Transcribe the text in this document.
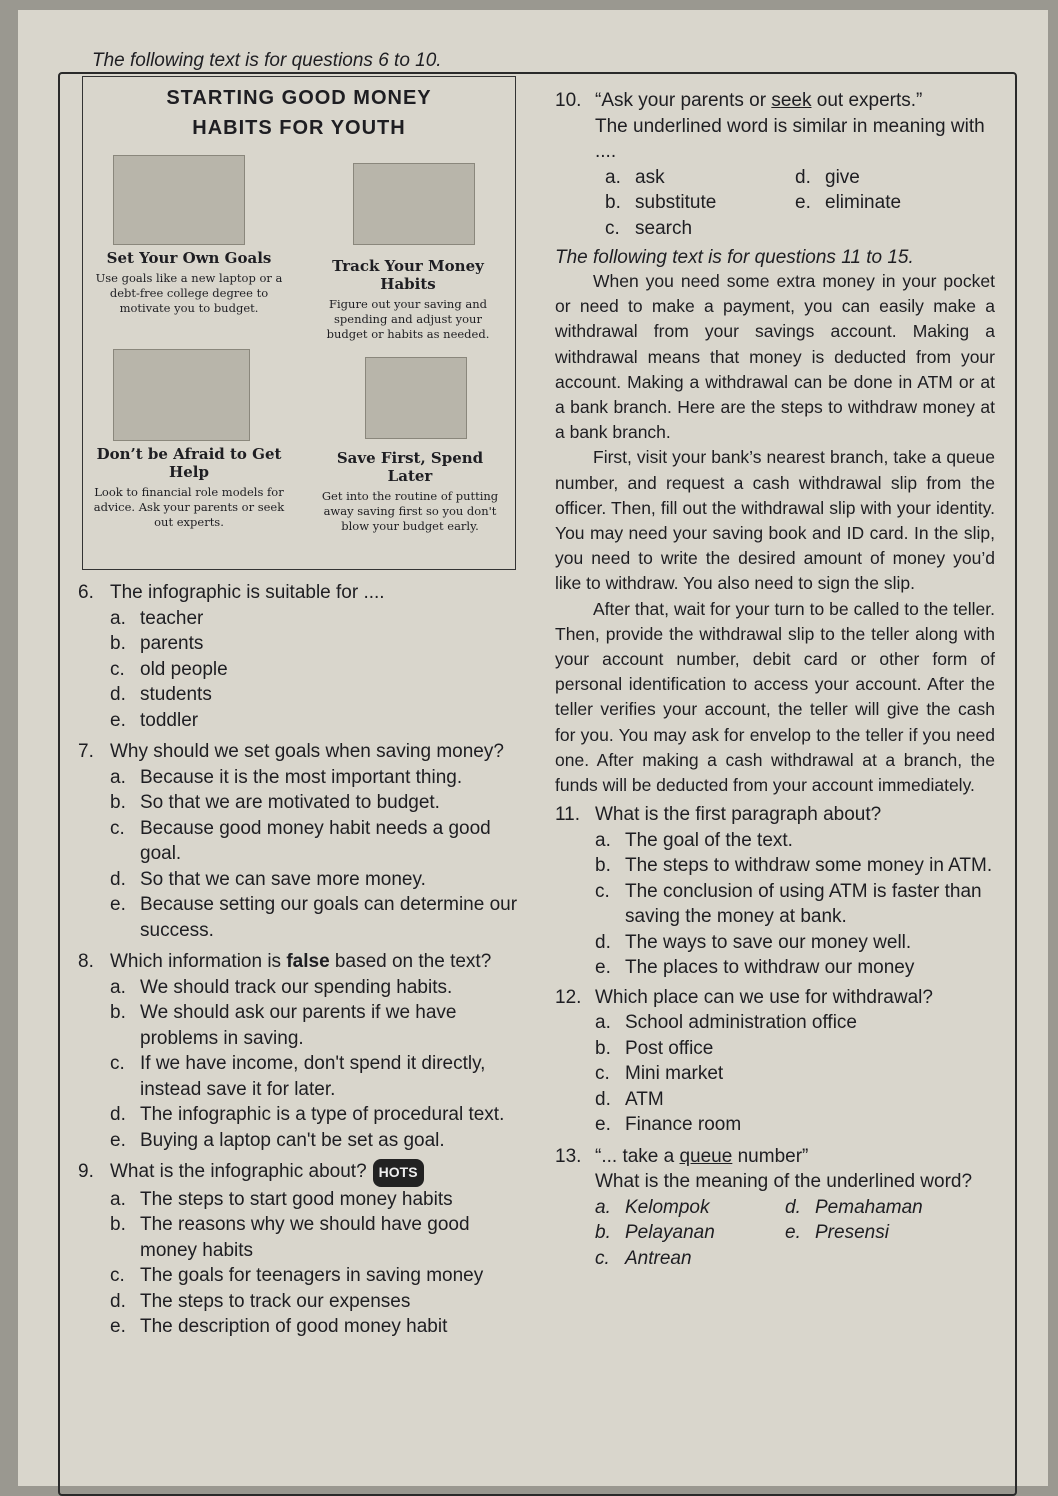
The following text is for questions 6 to 10.

STARTING GOOD MONEY
HABITS FOR YOUTH
Set Your Own Goals
Use goals like a new laptop or a debt-free college degree to motivate you to budget.
Track Your Money Habits
Figure out your saving and spending and adjust your budget or habits as needed.
Don’t be Afraid to Get Help
Look to financial role models for advice. Ask your parents or seek out experts.
Save First, Spend Later
Get into the routine of putting away saving first so you don't blow your budget early.

6. The infographic is suitable for ....

a. teacher
b. parents
c. old people
d. students
e. toddler

7. Why should we set goals when saving money?

a. Because it is the most important thing.
b. So that we are motivated to budget.
c. Because good money habit needs a good goal.
d. So that we can save more money.
e. Because setting our goals can determine our success.

8. Which information is false based on the text?

a. We should track our spending habits.
b. We should ask our parents if we have problems in saving.
c. If we have income, don't spend it directly, instead save it for later.
d. The infographic is a type of procedural text.
e. Buying a laptop can't be set as goal.

9. What is the infographic about? HOTS

a. The steps to start good money habits
b. The reasons why we should have good money habits
c. The goals for teenagers in saving money
d. The steps to track our expenses
e. The description of good money habit

10. “Ask your parents or seek out experts.”

The underlined word is similar in meaning with ....

a. ask	d. give
b. substitute	e. eliminate
c. search

The following text is for questions 11 to 15.

When you need some extra money in your pocket or need to make a payment, you can easily make a withdrawal from your savings account. Making a withdrawal means that money is deducted from your account. Making a withdrawal can be done in ATM or at a bank branch. Here are the steps to withdraw money at a bank branch.

First, visit your bank’s nearest branch, take a queue number, and request a cash withdrawal slip from the officer. Then, fill out the withdrawal slip with your identity. You may need your saving book and ID card. In the slip, you need to write the desired amount of money you’d like to withdraw. You also need to sign the slip.

After that, wait for your turn to be called to the teller. Then, provide the withdrawal slip to the teller along with your account number, debit card or other form of personal identification to access your account. After the teller verifies your account, the teller will give the cash for you. You may ask for envelop to the teller if you need one. After making a cash withdrawal at a branch, the funds will be deducted from your account immediately.

11. What is the first paragraph about?

a. The goal of the text.
b. The steps to withdraw some money in ATM.
c. The conclusion of using ATM is faster than saving the money at bank.
d. The ways to save our money well.
e. The places to withdraw our money

12. Which place can we use for withdrawal?

a. School administration office
b. Post office
c. Mini market
d. ATM
e. Finance room

13. “... take a queue number”

What is the meaning of the underlined word?

a. Kelompok	d. Pemahaman
b. Pelayanan	e. Presensi
c. Antrean
